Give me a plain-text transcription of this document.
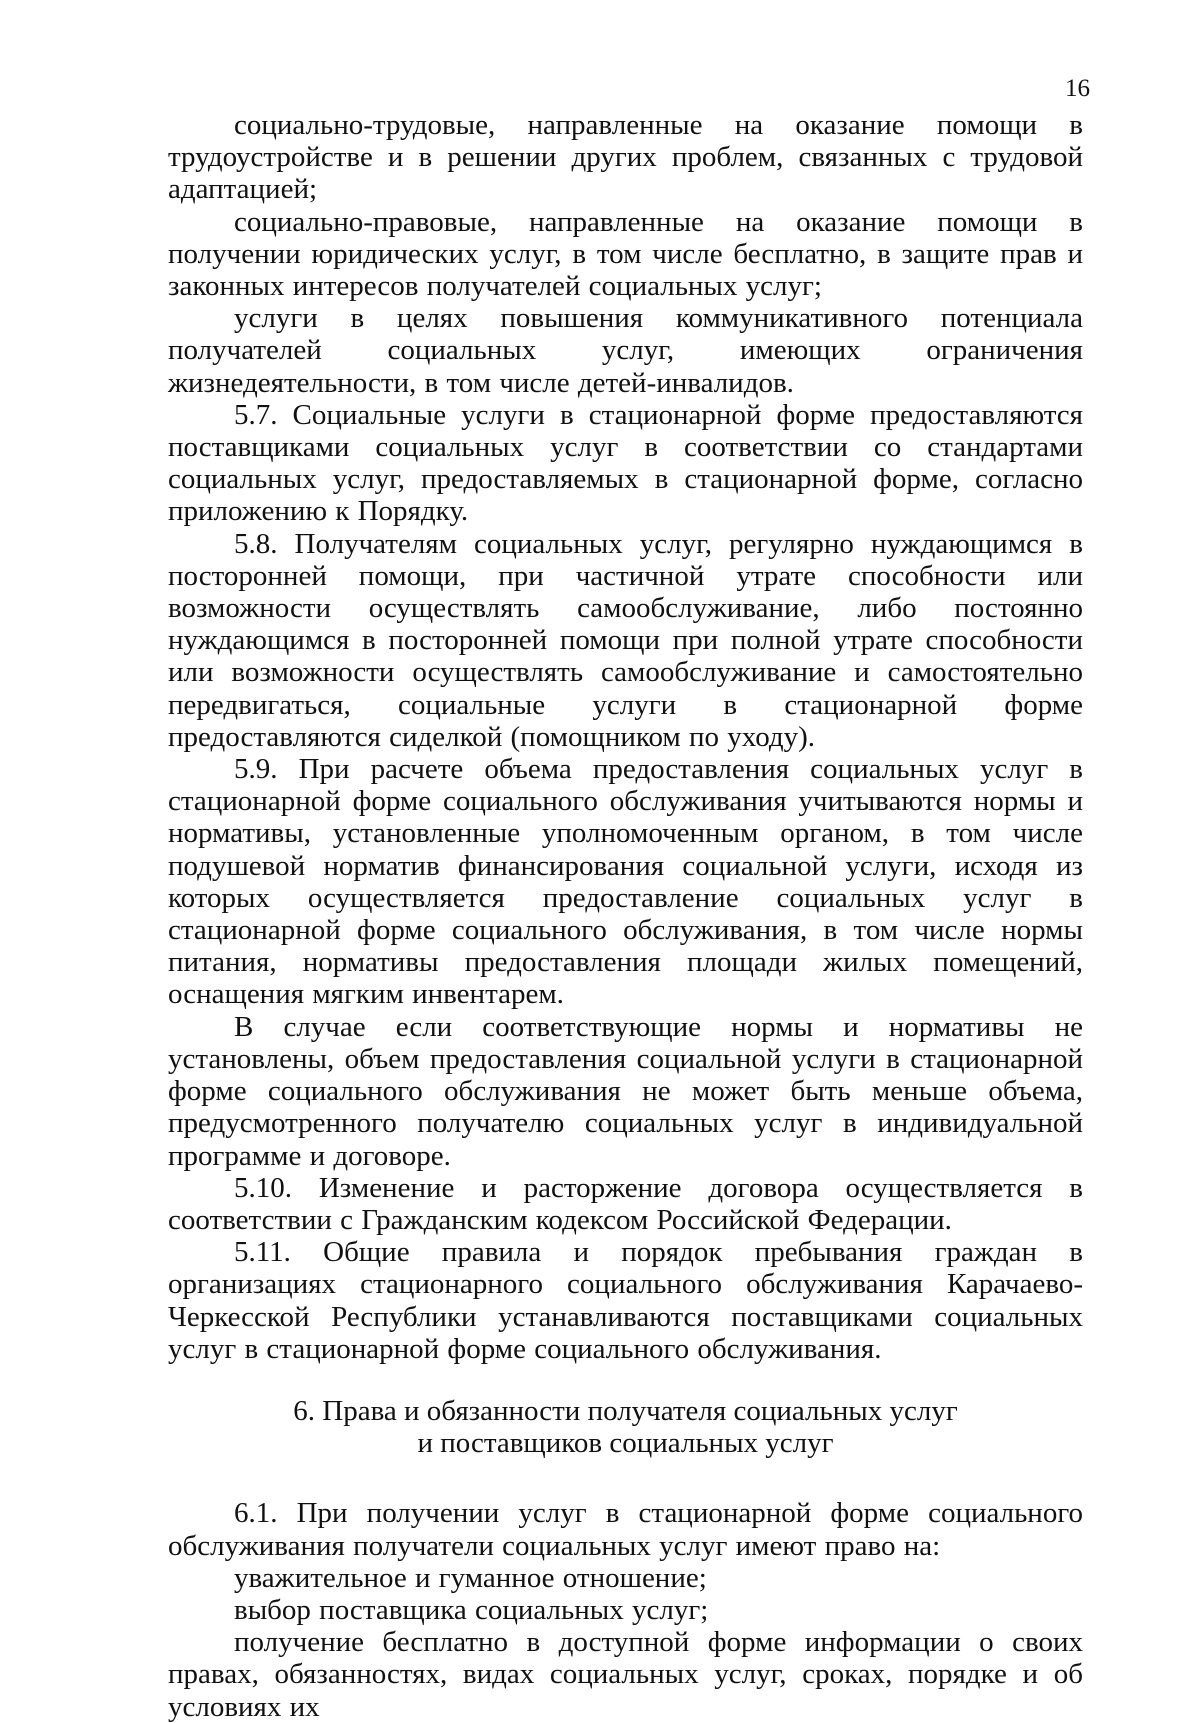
16

социально-трудовые, направленные на оказание помощи в трудоустройстве и в решении других проблем, связанных с трудовой адаптацией;

социально-правовые, направленные на оказание помощи в получении юридических услуг, в том числе бесплатно, в защите прав и законных интересов получателей социальных услуг;

услуги в целях повышения коммуникативного потенциала получателей социальных услуг, имеющих ограничения жизнедеятельности, в том числе детей-инвалидов.

5.7. Социальные услуги в стационарной форме предоставляются поставщиками социальных услуг в соответствии со стандартами социальных услуг, предоставляемых в стационарной форме, согласно приложению к Порядку.

5.8. Получателям социальных услуг, регулярно нуждающимся в посторонней помощи, при частичной утрате способности или возможности осуществлять самообслуживание, либо постоянно нуждающимся в посторонней помощи при полной утрате способности или возможности осуществлять самообслуживание и самостоятельно передвигаться, социальные услуги в стационарной форме предоставляются сиделкой (помощником по уходу).

5.9. При расчете объема предоставления социальных услуг в стационарной форме социального обслуживания учитываются нормы и нормативы, установленные уполномоченным органом, в том числе подушевой норматив финансирования социальной услуги, исходя из которых осуществляется предоставление социальных услуг в стационарной форме социального обслуживания, в том числе нормы питания, нормативы предоставления площади жилых помещений, оснащения мягким инвентарем.

В случае если соответствующие нормы и нормативы не установлены, объем предоставления социальной услуги в стационарной форме социального обслуживания не может быть меньше объема, предусмотренного получателю социальных услуг в индивидуальной программе и договоре.

5.10. Изменение и расторжение договора осуществляется в соответствии с Гражданским кодексом Российской Федерации.

5.11. Общие правила и порядок пребывания граждан в организациях стационарного социального обслуживания Карачаево-Черкесской Республики устанавливаются поставщиками социальных услуг в стационарной форме социального обслуживания.

6. Права и обязанности получателя социальных услуг
и поставщиков социальных услуг

6.1. При получении услуг в стационарной форме социального обслуживания получатели социальных услуг имеют право на:

уважительное и гуманное отношение;

выбор поставщика социальных услуг;

получение бесплатно в доступной форме информации о своих правах, обязанностях, видах социальных услуг, сроках, порядке и об условиях их
